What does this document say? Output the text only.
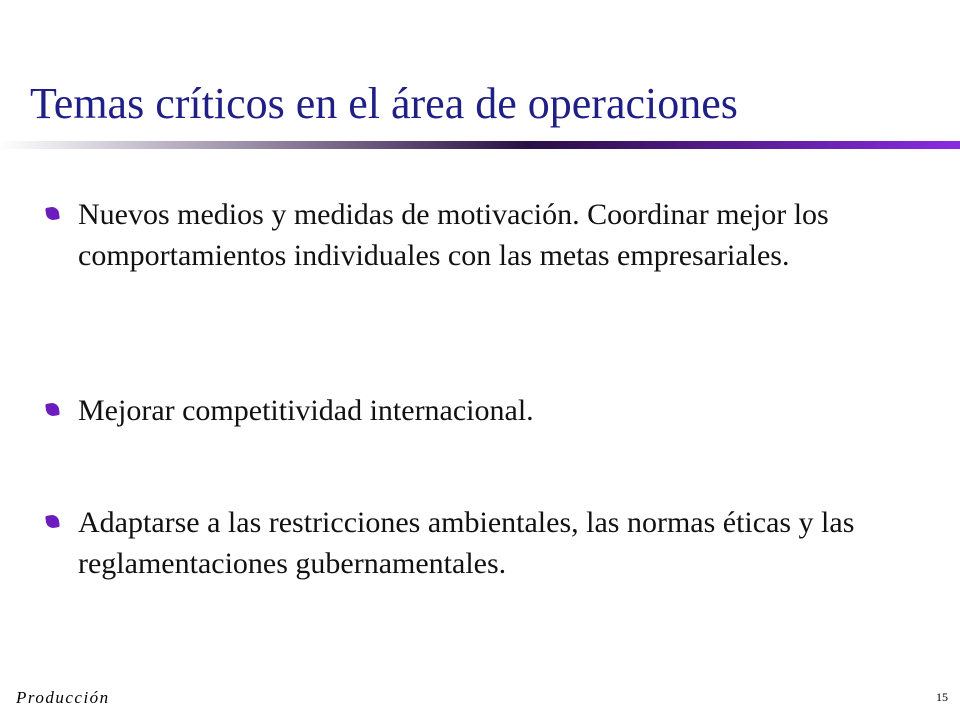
Temas críticos en el área de operaciones
Nuevos medios y medidas de motivación. Coordinar mejor los comportamientos individuales con las metas empresariales.
Mejorar competitividad internacional.
Adaptarse a las restricciones ambientales, las normas éticas y las reglamentaciones gubernamentales.
Producción	15
